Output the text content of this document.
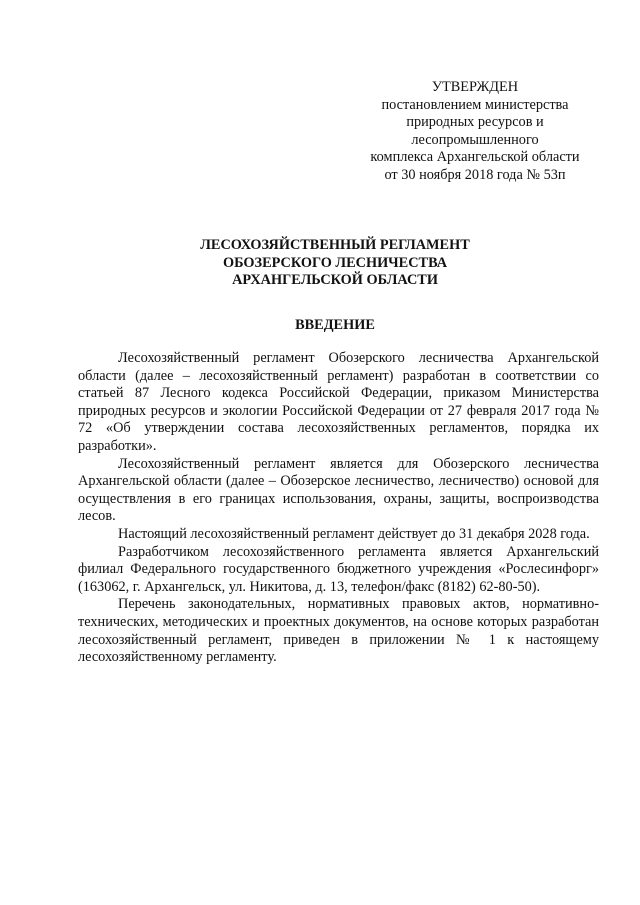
УТВЕРЖДЕН
постановлением министерства
природных ресурсов и
лесопромышленного
комплекса Архангельской области
от 30 ноября 2018 года № 53п
ЛЕСОХОЗЯЙСТВЕННЫЙ РЕГЛАМЕНТ
ОБОЗЕРСКОГО ЛЕСНИЧЕСТВА
АРХАНГЕЛЬСКОЙ ОБЛАСТИ
ВВЕДЕНИЕ

Лесохозяйственный регламент Обозерского лесничества Архангельской области (далее – лесохозяйственный регламент) разработан в соответствии со статьей 87 Лесного кодекса Российской Федерации, приказом Министерства природных ресурсов и экологии Российской Федерации от 27 февраля 2017 года № 72 «Об утверждении состава лесохозяйственных регламентов, порядка их разработки».

Лесохозяйственный регламент является для Обозерского лесничества Архангельской области (далее – Обозерское лесничество, лесничество) основой для осуществления в его границах использования, охраны, защиты, воспроизводства лесов.

Настоящий лесохозяйственный регламент действует до 31 декабря 2028 года.

Разработчиком лесохозяйственного регламента является Архангельский филиал Федерального государственного бюджетного учреждения «Рослесинфорг» (163062, г. Архангельск, ул. Никитова, д. 13, телефон/факс (8182) 62-80-50).

Перечень законодательных, нормативных правовых актов, нормативно-технических, методических и проектных документов, на основе которых разработан лесохозяйственный регламент, приведен в приложении № 1 к настоящему лесохозяйственному регламенту.
